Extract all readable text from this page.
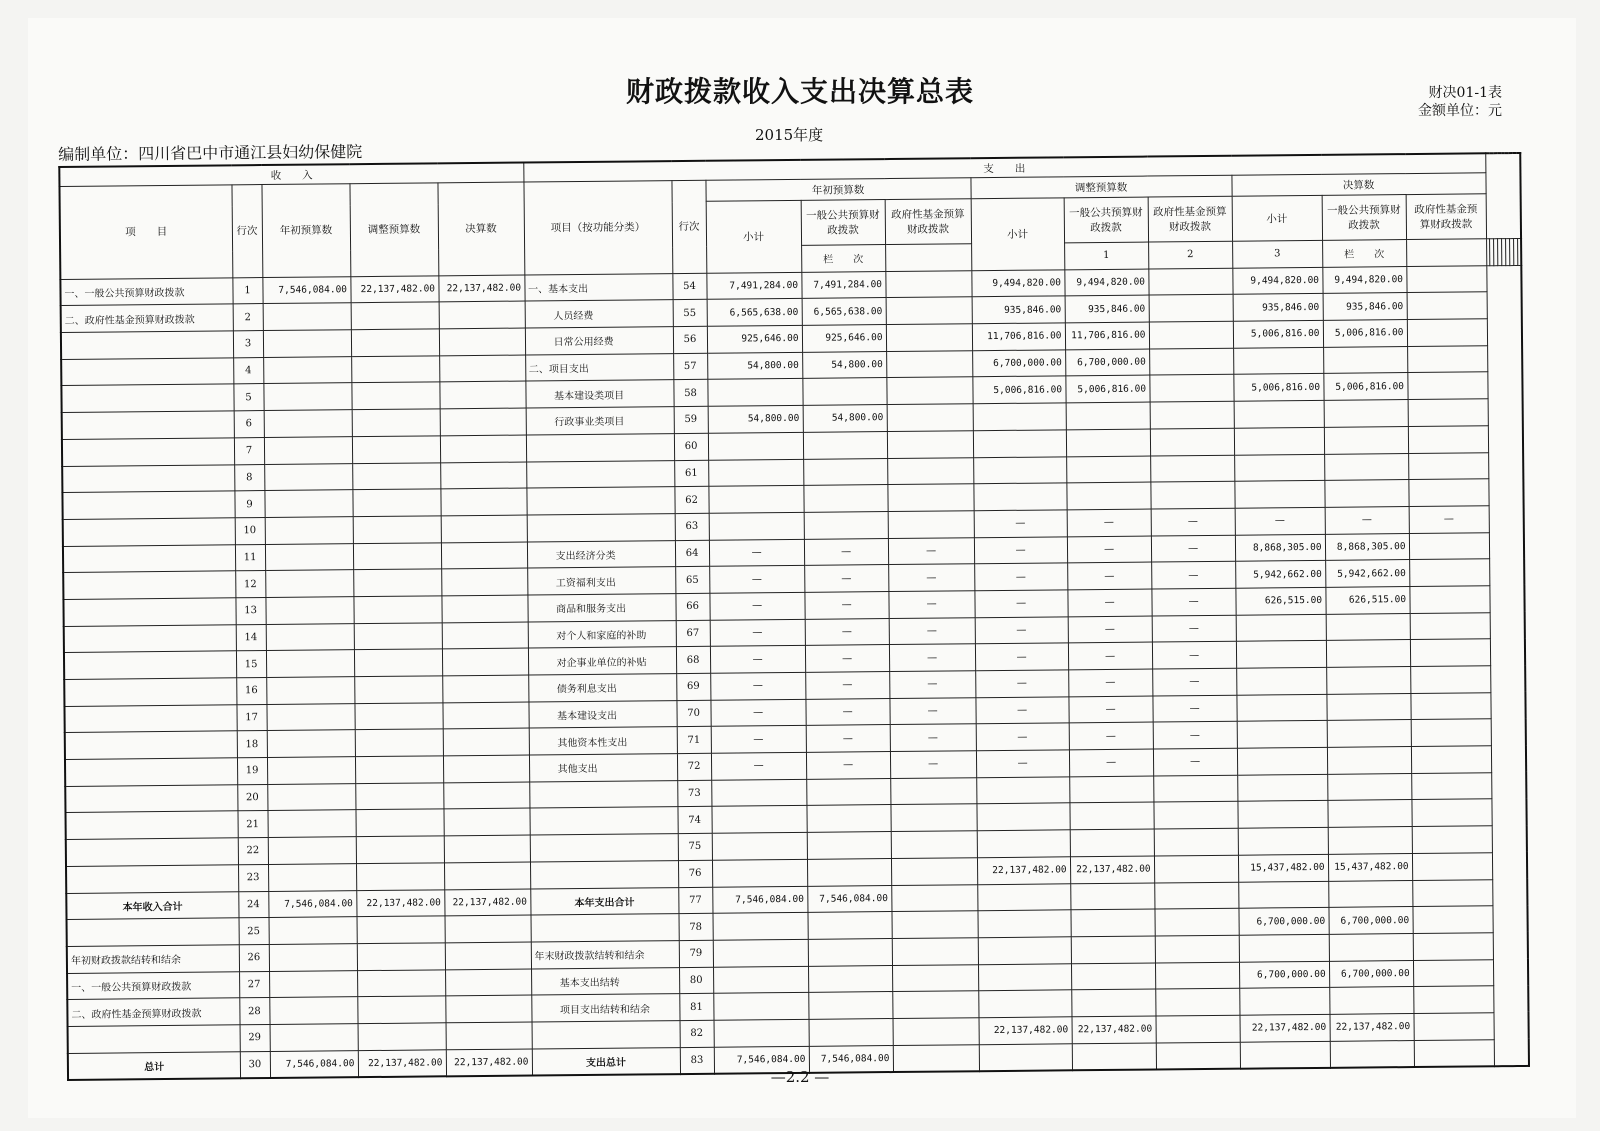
财政拨款收入支出决算总表	财决01-1表
金额单位：元
2015年度
编制单位：四川省巴中市通江县妇幼保健院
收　　入					支　　出																			
项　　目	行次	年初预算数	调整预算数	决算数	项目（按功能分类）	行次	年初预算数			调整预算数			决算数											
							小计	一般公共预算财政拨款	政府性基金预算财政拨款	小计	一般公共预算财政拨款	政府性基金预算财政拨款	小计	一般公共预算财政拨款	政府性基金预算财政拨款									
								栏　　次			1	2	3	栏　　次										
一、一般公共预算财政拨款	1	7,546,084.00	22,137,482.00	22,137,482.00	一、基本支出	54	7,491,284.00	7,491,284.00		9,494,820.00	9,494,820.00		9,494,820.00	9,494,820.00										
二、政府性基金预算财政拨款	2				人员经费	55	6,565,638.00	6,565,638.00		935,846.00	935,846.00		935,846.00	935,846.00										
	3				日常公用经费	56	925,646.00	925,646.00		11,706,816.00	11,706,816.00		5,006,816.00	5,006,816.00										
	4				二、项目支出	57	54,800.00	54,800.00		6,700,000.00	6,700,000.00													
	5				基本建设类项目	58				5,006,816.00	5,006,816.00		5,006,816.00	5,006,816.00										
	6				行政事业类项目	59	54,800.00	54,800.00																
	7					60																		
	8					61																		
	9					62																		
	10					63				—	—	—	—	—	—									
	11				支出经济分类	64	—	—	—	—	—	—	8,868,305.00	8,868,305.00										
	12				工资福利支出	65	—	—	—	—	—	—	5,942,662.00	5,942,662.00										
	13				商品和服务支出	66	—	—	—	—	—	—	626,515.00	626,515.00										
	14				对个人和家庭的补助	67	—	—	—	—	—	—												
	15				对企事业单位的补贴	68	—	—	—	—	—	—												
	16				债务利息支出	69	—	—	—	—	—	—												
	17				基本建设支出	70	—	—	—	—	—	—												
	18				其他资本性支出	71	—	—	—	—	—	—												
	19				其他支出	72	—	—	—	—	—	—												
	20					73																		
	21					74																		
	22					75																		
	23					76				22,137,482.00	22,137,482.00		15,437,482.00	15,437,482.00										
本年收入合计	24	7,546,084.00	22,137,482.00	22,137,482.00	本年支出合计	77	7,546,084.00	7,546,084.00																
	25					78							6,700,000.00	6,700,000.00										
年初财政拨款结转和结余	26				年末财政拨款结转和结余	79																		
一、一般公共预算财政拨款	27				基本支出结转	80							6,700,000.00	6,700,000.00										
二、政府性基金预算财政拨款	28				项目支出结转和结余	81																		
	29					82				22,137,482.00	22,137,482.00		22,137,482.00	22,137,482.00										
总计	30	7,546,084.00	22,137,482.00	22,137,482.00	支出总计	83	7,546,084.00	7,546,084.00																
—2.2 —
